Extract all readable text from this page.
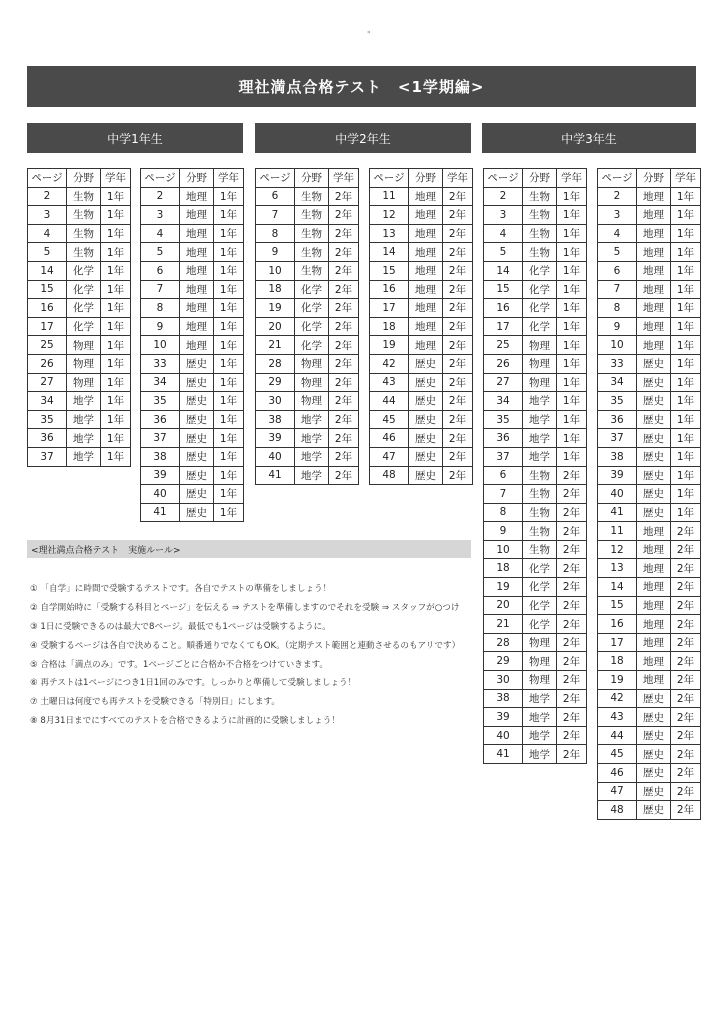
"
理社満点合格テスト　<1学期編>
中学1年生	中学2年生	中学3年生
ページ	分野	学年
2	生物	1年
3	生物	1年
4	生物	1年
5	生物	1年
14	化学	1年
15	化学	1年
16	化学	1年
17	化学	1年
25	物理	1年
26	物理	1年
27	物理	1年
34	地学	1年
35	地学	1年
36	地学	1年
37	地学	1年
ページ	分野	学年
2	地理	1年
3	地理	1年
4	地理	1年
5	地理	1年
6	地理	1年
7	地理	1年
8	地理	1年
9	地理	1年
10	地理	1年
33	歴史	1年
34	歴史	1年
35	歴史	1年
36	歴史	1年
37	歴史	1年
38	歴史	1年
39	歴史	1年
40	歴史	1年
41	歴史	1年
ページ	分野	学年
6	生物	2年
7	生物	2年
8	生物	2年
9	生物	2年
10	生物	2年
18	化学	2年
19	化学	2年
20	化学	2年
21	化学	2年
28	物理	2年
29	物理	2年
30	物理	2年
38	地学	2年
39	地学	2年
40	地学	2年
41	地学	2年
ページ	分野	学年
11	地理	2年
12	地理	2年
13	地理	2年
14	地理	2年
15	地理	2年
16	地理	2年
17	地理	2年
18	地理	2年
19	地理	2年
42	歴史	2年
43	歴史	2年
44	歴史	2年
45	歴史	2年
46	歴史	2年
47	歴史	2年
48	歴史	2年
ページ	分野	学年
2	生物	1年
3	生物	1年
4	生物	1年
5	生物	1年
14	化学	1年
15	化学	1年
16	化学	1年
17	化学	1年
25	物理	1年
26	物理	1年
27	物理	1年
34	地学	1年
35	地学	1年
36	地学	1年
37	地学	1年
6	生物	2年
7	生物	2年
8	生物	2年
9	生物	2年
10	生物	2年
18	化学	2年
19	化学	2年
20	化学	2年
21	化学	2年
28	物理	2年
29	物理	2年
30	物理	2年
38	地学	2年
39	地学	2年
40	地学	2年
41	地学	2年
ページ	分野	学年
2	地理	1年
3	地理	1年
4	地理	1年
5	地理	1年
6	地理	1年
7	地理	1年
8	地理	1年
9	地理	1年
10	地理	1年
33	歴史	1年
34	歴史	1年
35	歴史	1年
36	歴史	1年
37	歴史	1年
38	歴史	1年
39	歴史	1年
40	歴史	1年
41	歴史	1年
11	地理	2年
12	地理	2年
13	地理	2年
14	地理	2年
15	地理	2年
16	地理	2年
17	地理	2年
18	地理	2年
19	地理	2年
42	歴史	2年
43	歴史	2年
44	歴史	2年
45	歴史	2年
46	歴史	2年
47	歴史	2年
48	歴史	2年
<理社満点合格テスト　実施ルール>
① 「自学」に時間で受験するテストです。各自でテストの準備をしましょう！
② 自学開始時に「受験する科目とページ」を伝える ⇒ テストを準備しますのでそれを受験 ⇒ スタッフが○つけ
③ 1日に受験できるのは最大で8ページ。最低でも1ページは受験するように。
④ 受験するページは各自で決めること。順番通りでなくてもOK。（定期テスト範囲と連動させるのもアリです）
⑤ 合格は「満点のみ」です。1ページごとに合格か不合格をつけていきます。
⑥ 再テストは1ページにつき1日1回のみです。しっかりと準備して受験しましょう！
⑦ 土曜日は何度でも再テストを受験できる「特別日」にします。
⑧ 8月31日までにすべてのテストを合格できるように計画的に受験しましょう！
